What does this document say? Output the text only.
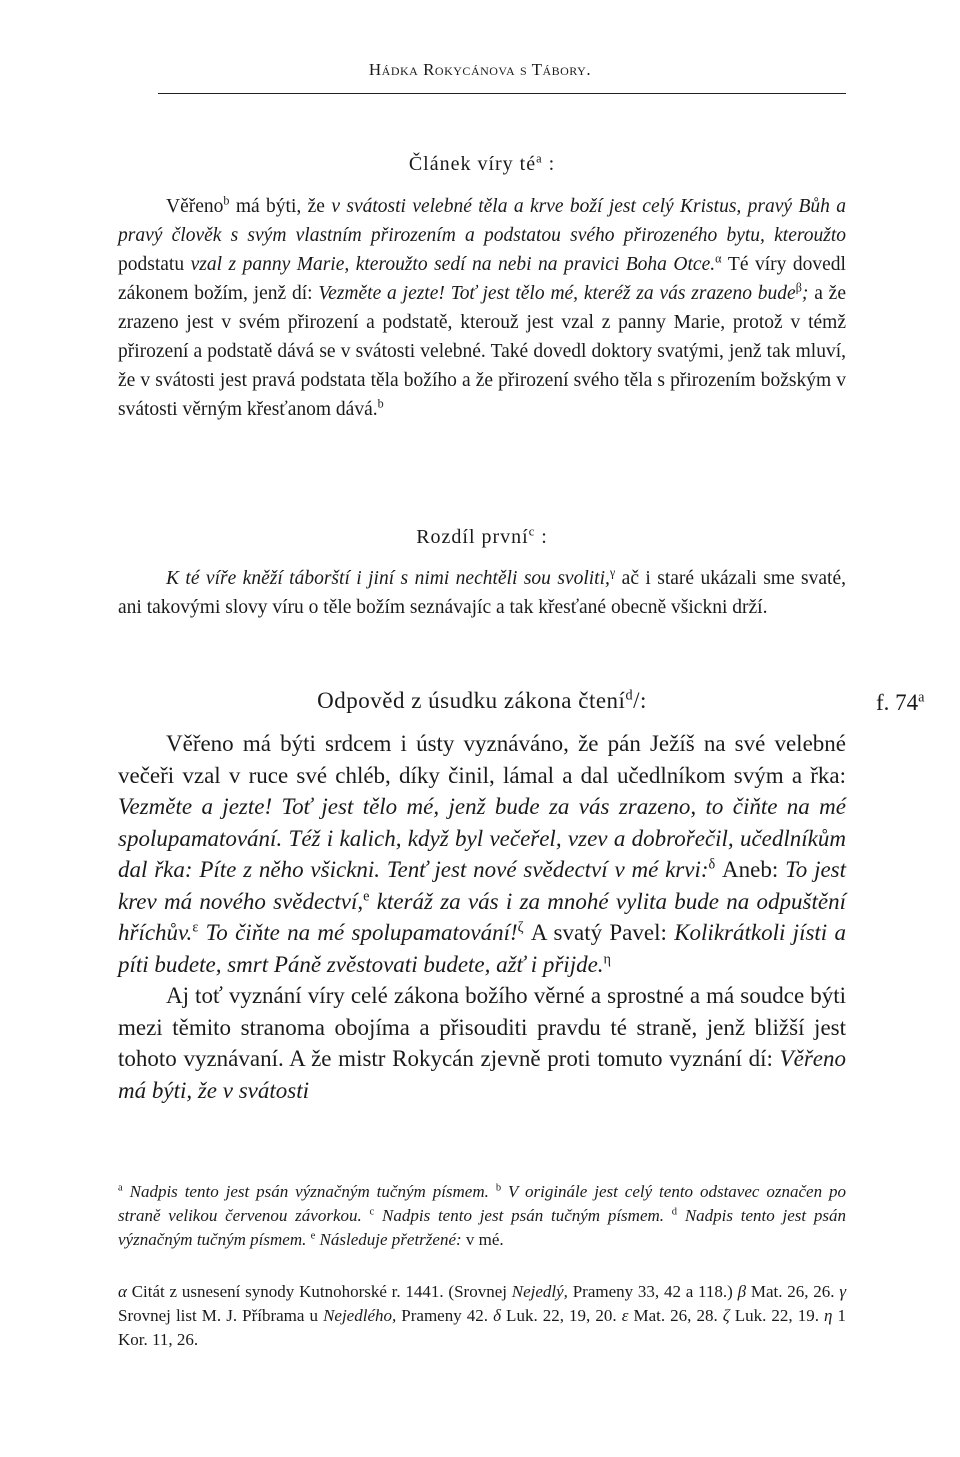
Hádka Rokycánova s Tábory.
Článek víry $té^a$ :

Věřeno$^b$ má býti, že v svátosti velebné těla a krve boží jest celý Kristus, pravý Bůh a pravý člověk s svým vlastním přirozením a podstatou svého přirozeného bytu, kteroužto podstatu vzal z panny Marie, kteroužto sedí na nebi na pravici Boha Otce.$^\alpha$ Té víry dovedl zákonem božím, jenž dí: Vezměte a jezte! Toť jest tělo mé, kteréž za vás zrazeno bude$^\beta$; a že zrazeno jest v svém přirození a podstatě, kterouž jest vzal z panny Marie, protož v témž přirození a podstatě dává se v svátosti velebné. Také dovedl doktory svatými, jenž tak mluví, že v svátosti jest pravá podstata těla božího a že přirození svého těla s přirozením božským v svátosti věrným křesťanom dává.$^b$

Rozdíl první$^c$ :

K té víře kněží táborští i jiní s nimi nechtěli sou svoliti,$^\gamma$ ač i staré ukázali sme svaté, ani takovými slovy víru o těle božím seznávajíc a tak křesťané obecně všickni drží.

Odpověd z úsudku zákona čtení$^d$/:	f. 74$^a$

Věřeno má býti srdcem i ústy vyznáváno, že pán Ježíš na své velebné večeři vzal v ruce své chléb, díky činil, lámal a dal učedlníkom svým a řka: Vezměte a jezte! Toť jest tělo mé, jenž bude za vás zrazeno, to čiňte na mé spolupamatování. Též i kalich, když byl večeřel, vzev a dobrořečil, učedlníkům dal řka: Píte z něho všickni. Tenť jest nové svědectví v mé krvi:$^\delta$ Aneb: To jest krev má nového svědectví,$^e$ kteráž za vás i za mnohé vylita bude na odpuštění hříchův.$^\varepsilon$ To čiňte na mé spolupamatování!$^\zeta$ A svatý Pavel: Kolikrátkoli jísti a píti budete, smrt Páně zvěstovati budete, ažť i přijde.$^\eta$

Aj toť vyznání víry celé zákona božího věrné a sprostné a má soudce býti mezi těmito stranoma obojíma a přisouditi pravdu té straně, jenž bližší jest tohoto vyznávaní. A že mistr Rokycán zjevně proti tomuto vyznání dí: Věřeno má býti, že v svátosti

$^a$ Nadpis tento jest psán význačným tučným písmem. $^b$ V originále jest celý tento odstavec označen po straně velikou červenou závorkou. $^c$ Nadpis tento jest psán tučným písmem. $^d$ Nadpis tento jest psán význačným tučným písmem. $^e$ Následuje přetržené: v mé.

α Citát z usnesení synody Kutnohorské r. 1441. (Srovnej Nejedlý, Prameny 33, 42 a 118.) β Mat. 26, 26. γ Srovnej list M. J. Příbrama u Nejedlého, Prameny 42. δ Luk. 22, 19, 20. ε Mat. 26, 28. ζ Luk. 22, 19. η 1 Kor. 11, 26.
